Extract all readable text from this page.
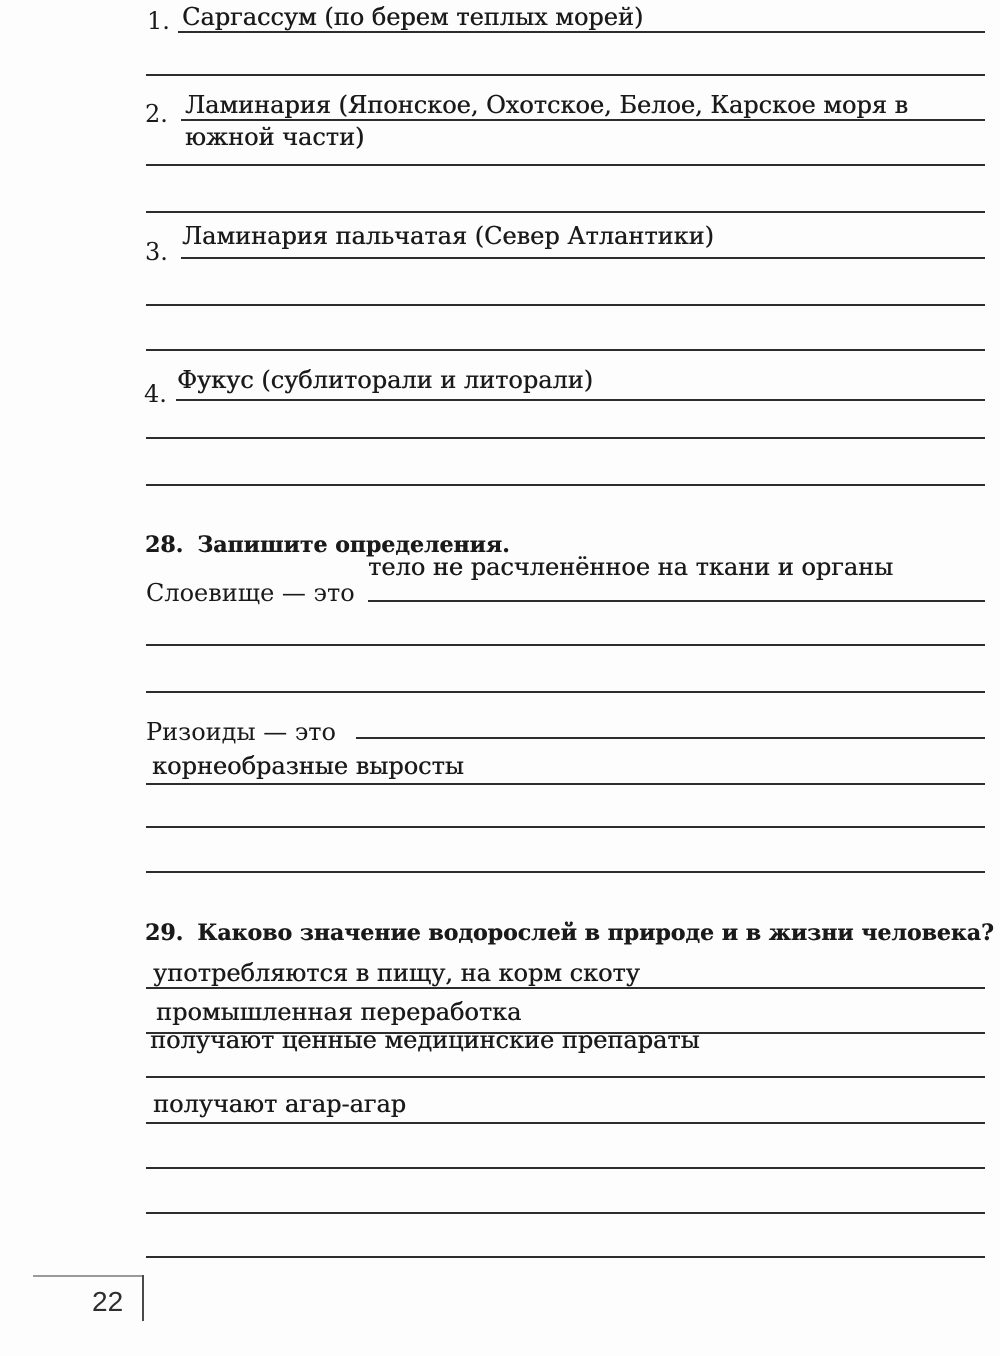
1. Саргассум (по берем теплых морей)
Ламинария (Японское, Охотское, Белое, Карское моря в
2.
южной части)
Ламинария пальчатая (Север Атлантики)
3.
Фукус (сублиторали и литорали)
4.
28. Запишите определения.
тело не расчленённое на ткани и органы
Слоевище — это
Ризоиды — это
корнеобразные выросты
29. Каково значение водорослей в природе и в жизни человека?
употребляются в пищу, на корм скоту
промышленная переработка
получают ценные медицинские препараты
получают агар-агар
22
